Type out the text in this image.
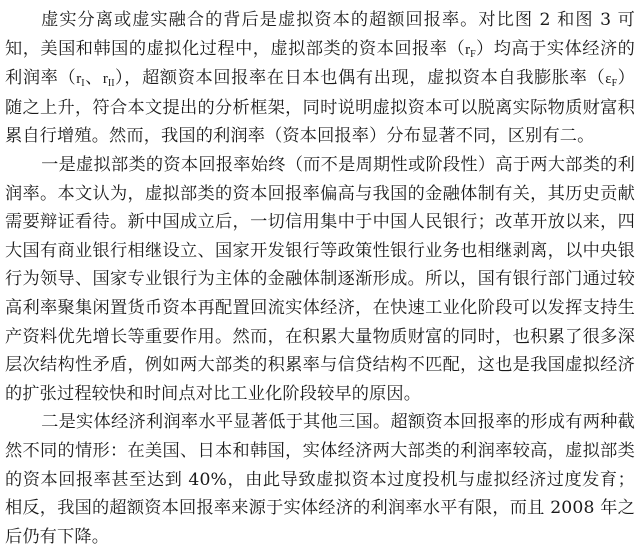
虚实分离或虚实融合的背后是虚拟资本的超额回报率。对比图 2 和图 3 可知，美国和韩国的虚拟化过程中，虚拟部类的资本回报率$(r_F)$均高于实体经济的利润率（$r_I$、$r_{II}$），超额资本回报率在日本也偶有出现，虚拟资本自我膨胀率$(\varepsilon_F)$随之上升，符合本文提出的分析框架，同时说明虚拟资本可以脱离实际物质财富积累自行增殖。然而，我国的利润率（资本回报率）分布显著不同，区别有二。

一是虚拟部类的资本回报率始终（而不是周期性或阶段性）高于两大部类的利润率。本文认为，虚拟部类的资本回报率偏高与我国的金融体制有关，其历史贡献需要辩证看待。新中国成立后，一切信用集中于中国人民银行；改革开放以来，四大国有商业银行相继设立、国家开发银行等政策性银行业务也相继剥离，以中央银行为领导、国家专业银行为主体的金融体制逐渐形成。所以，国有银行部门通过较高利率聚集闲置货币资本再配置回流实体经济，在快速工业化阶段可以发挥支持生产资料优先增长等重要作用。然而，在积累大量物质财富的同时，也积累了很多深层次结构性矛盾，例如两大部类的积累率与信贷结构不匹配，这也是我国虚拟经济的扩张过程较快和时间点对比工业化阶段较早的原因。

二是实体经济利润率水平显著低于其他三国。超额资本回报率的形成有两种截然不同的情形：在美国、日本和韩国，实体经济两大部类的利润率较高，虚拟部类的资本回报率甚至达到 40%，由此导致虚拟资本过度投机与虚拟经济过度发育；相反，我国的超额资本回报率来源于实体经济的利润率水平有限，而且 2008 年之后仍有下降。
